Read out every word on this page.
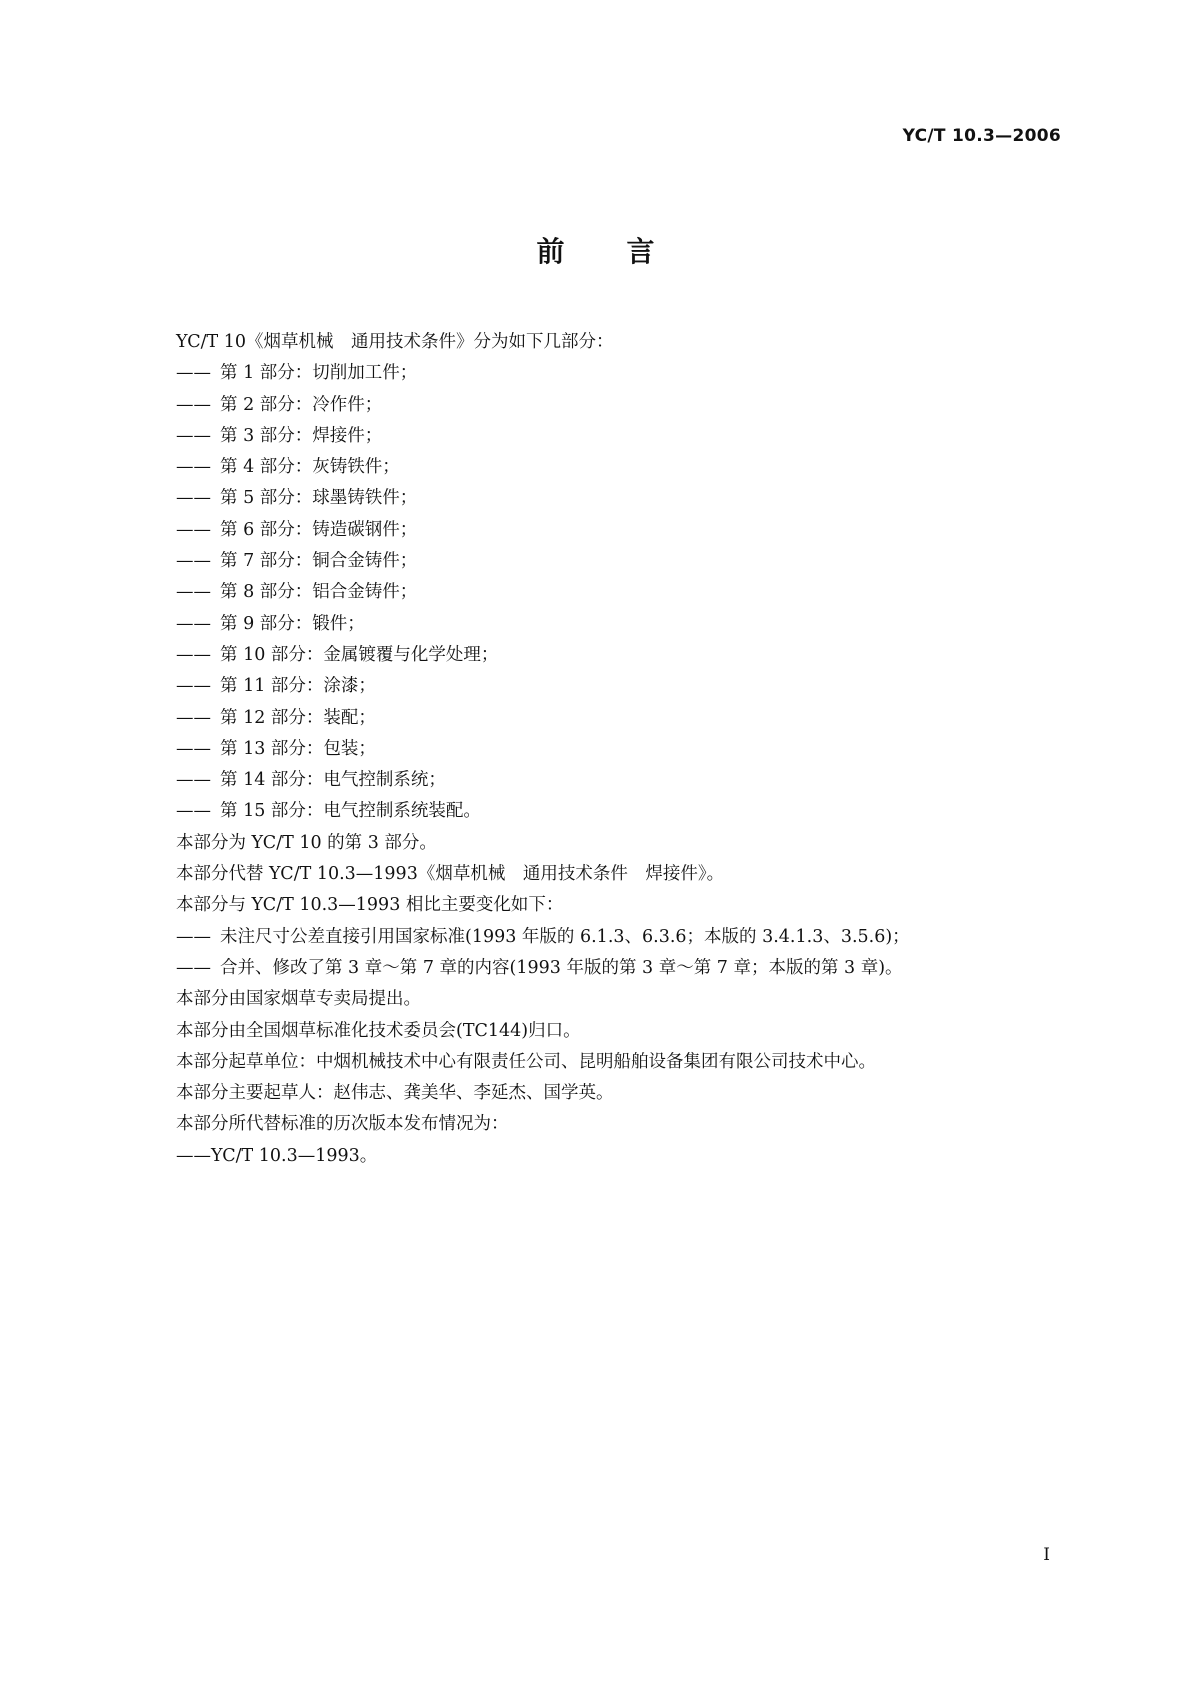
YC/T 10.3—2006
前言
YC/T 10《烟草机械　通用技术条件》分为如下几部分：
—— 第 1 部分：切削加工件；
—— 第 2 部分：冷作件；
—— 第 3 部分：焊接件；
—— 第 4 部分：灰铸铁件；
—— 第 5 部分：球墨铸铁件；
—— 第 6 部分：铸造碳钢件；
—— 第 7 部分：铜合金铸件；
—— 第 8 部分：铝合金铸件；
—— 第 9 部分：锻件；
—— 第 10 部分：金属镀覆与化学处理；
—— 第 11 部分：涂漆；
—— 第 12 部分：装配；
—— 第 13 部分：包装；
—— 第 14 部分：电气控制系统；
—— 第 15 部分：电气控制系统装配。
本部分为 YC/T 10 的第 3 部分。
本部分代替 YC/T 10.3—1993《烟草机械　通用技术条件　焊接件》。
本部分与 YC/T 10.3—1993 相比主要变化如下：
—— 未注尺寸公差直接引用国家标准(1993 年版的 6.1.3、6.3.6；本版的 3.4.1.3、3.5.6)；
—— 合并、修改了第 3 章～第 7 章的内容(1993 年版的第 3 章～第 7 章；本版的第 3 章)。
本部分由国家烟草专卖局提出。
本部分由全国烟草标准化技术委员会(TC144)归口。
本部分起草单位：中烟机械技术中心有限责任公司、昆明船舶设备集团有限公司技术中心。
本部分主要起草人：赵伟志、龚美华、李延杰、国学英。
本部分所代替标准的历次版本发布情况为：
——YC/T 10.3—1993。
I
